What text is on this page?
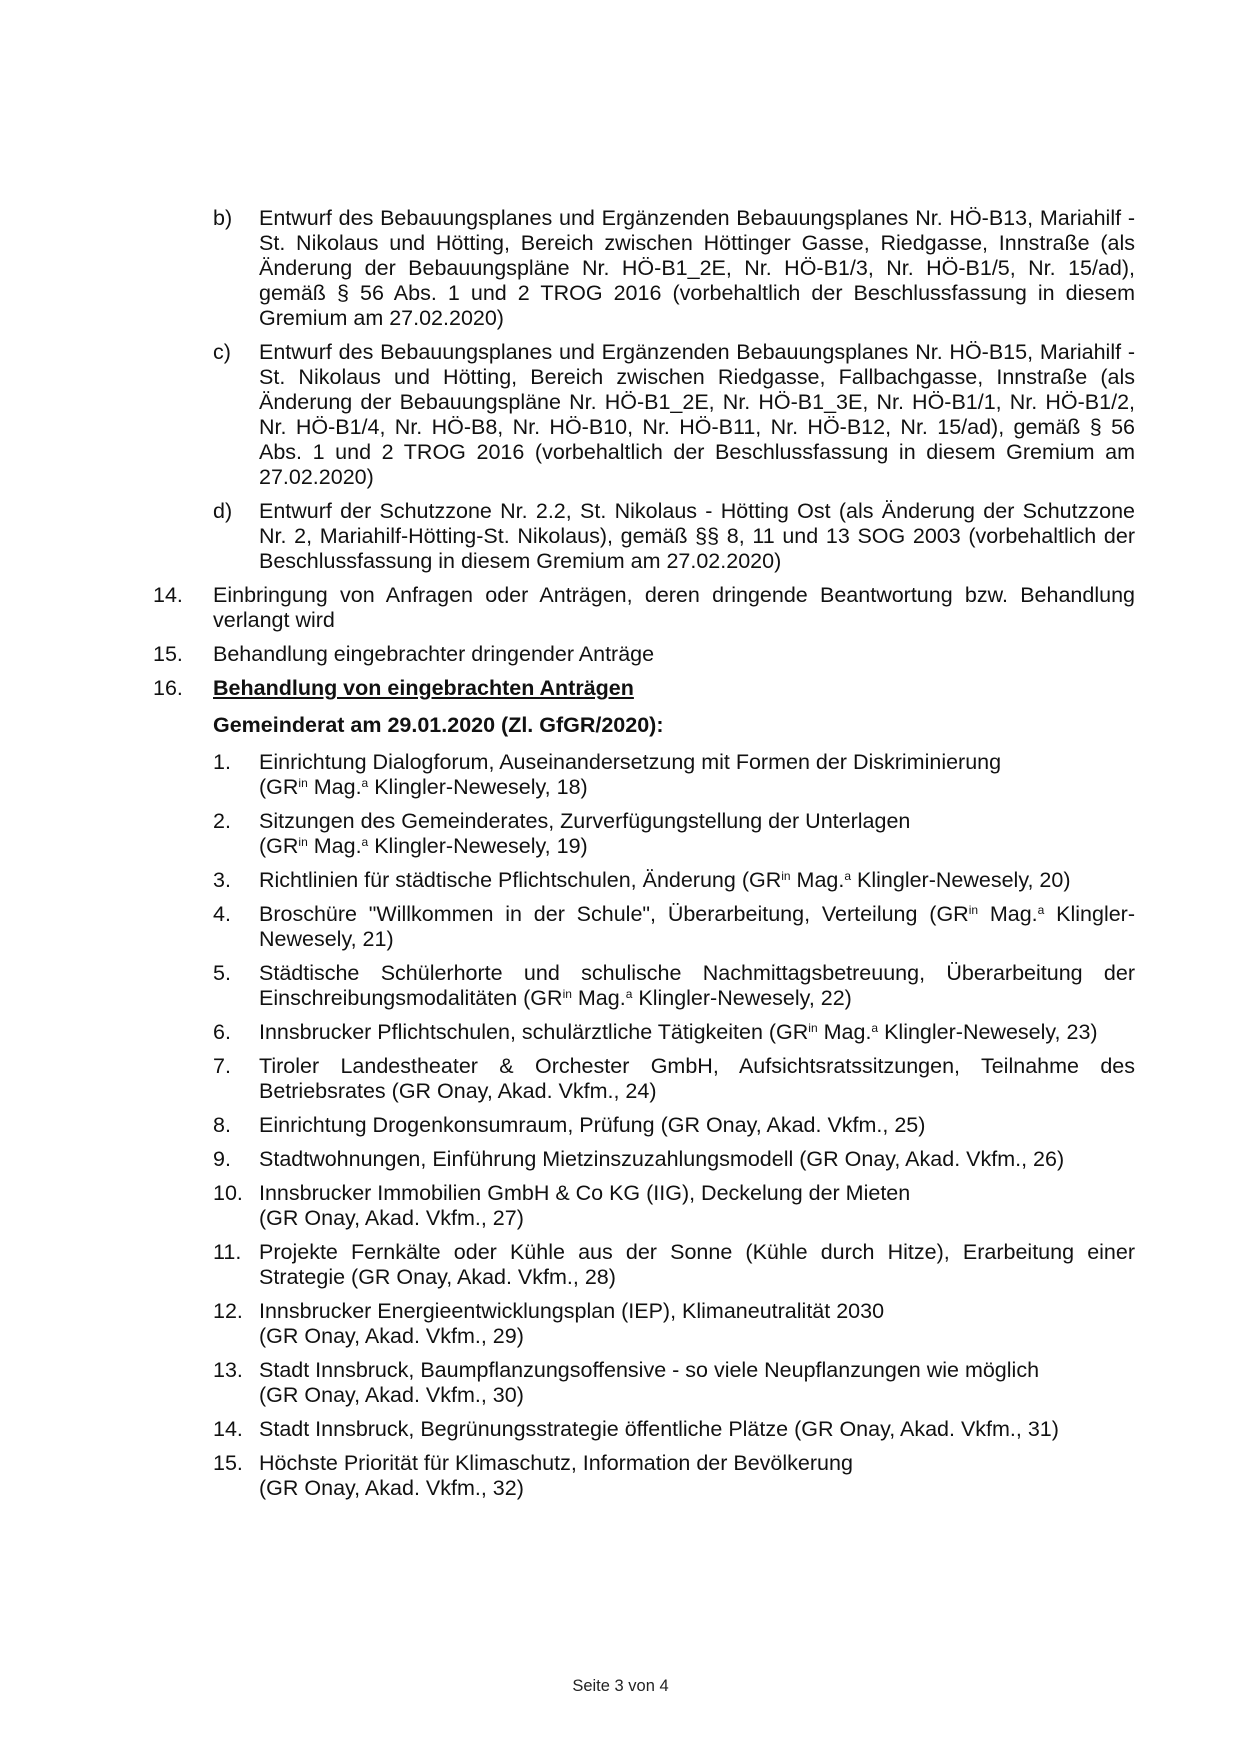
b) Entwurf des Bebauungsplanes und Ergänzenden Bebauungsplanes Nr. HÖ-B13, Mariahilf - St. Nikolaus und Hötting, Bereich zwischen Höttinger Gasse, Riedgasse, Innstraße (als Änderung der Bebauungspläne Nr. HÖ-B1_2E, Nr. HÖ-B1/3, Nr. HÖ-B1/5, Nr. 15/ad), gemäß § 56 Abs. 1 und 2 TROG 2016 (vorbehaltlich der Beschlussfassung in diesem Gremium am 27.02.2020)
c) Entwurf des Bebauungsplanes und Ergänzenden Bebauungsplanes Nr. HÖ-B15, Mariahilf - St. Nikolaus und Hötting, Bereich zwischen Riedgasse, Fallbachgasse, Innstraße (als Änderung der Bebauungspläne Nr. HÖ-B1_2E, Nr. HÖ-B1_3E, Nr. HÖ-B1/1, Nr. HÖ-B1/2, Nr. HÖ-B1/4, Nr. HÖ-B8, Nr. HÖ-B10, Nr. HÖ-B11, Nr. HÖ-B12, Nr. 15/ad), gemäß § 56 Abs. 1 und 2 TROG 2016 (vorbehaltlich der Beschlussfassung in diesem Gremium am 27.02.2020)
d) Entwurf der Schutzzone Nr. 2.2, St. Nikolaus - Hötting Ost (als Änderung der Schutzzone Nr. 2, Mariahilf-Hötting-St. Nikolaus), gemäß §§ 8, 11 und 13 SOG 2003 (vorbehaltlich der Beschlussfassung in diesem Gremium am 27.02.2020)
14. Einbringung von Anfragen oder Anträgen, deren dringende Beantwortung bzw. Behandlung verlangt wird
15. Behandlung eingebrachter dringender Anträge
16. Behandlung von eingebrachten Anträgen
Gemeinderat am 29.01.2020 (Zl. GfGR/2020):
1. Einrichtung Dialogforum, Auseinandersetzung mit Formen der Diskriminierung
($GR^{in}$ Mag.$^a$ Klingler-Newesely, 18)
2. Sitzungen des Gemeinderates, Zurverfügungstellung der Unterlagen
($GR^{in}$ Mag.$^a$ Klingler-Newesely, 19)
3. Richtlinien für städtische Pflichtschulen, Änderung ($GR^{in}$ Mag.$^a$ Klingler-Newesely, 20)
4. Broschüre "Willkommen in der Schule", Überarbeitung, Verteilung ($GR^{in}$ Mag.$^a$ Klingler-Newesely, 21)
5. Städtische Schülerhorte und schulische Nachmittagsbetreuung, Überarbeitung der Einschreibungsmodalitäten ($GR^{in}$ Mag.$^a$ Klingler-Newesely, 22)
6. Innsbrucker Pflichtschulen, schulärztliche Tätigkeiten ($GR^{in}$ Mag.$^a$ Klingler-Newesely, 23)
7. Tiroler Landestheater & Orchester GmbH, Aufsichtsratssitzungen, Teilnahme des Betriebsrates (GR Onay, Akad. Vkfm., 24)
8. Einrichtung Drogenkonsumraum, Prüfung (GR Onay, Akad. Vkfm., 25)
9. Stadtwohnungen, Einführung Mietzinszuzahlungsmodell (GR Onay, Akad. Vkfm., 26)
10. Innsbrucker Immobilien GmbH & Co KG (IIG), Deckelung der Mieten
(GR Onay, Akad. Vkfm., 27)
11. Projekte Fernkälte oder Kühle aus der Sonne (Kühle durch Hitze), Erarbeitung einer Strategie (GR Onay, Akad. Vkfm., 28)
12. Innsbrucker Energieentwicklungsplan (IEP), Klimaneutralität 2030
(GR Onay, Akad. Vkfm., 29)
13. Stadt Innsbruck, Baumpflanzungsoffensive - so viele Neupflanzungen wie möglich
(GR Onay, Akad. Vkfm., 30)
14. Stadt Innsbruck, Begrünungsstrategie öffentliche Plätze (GR Onay, Akad. Vkfm., 31)
15. Höchste Priorität für Klimaschutz, Information der Bevölkerung
(GR Onay, Akad. Vkfm., 32)
Seite 3 von 4
